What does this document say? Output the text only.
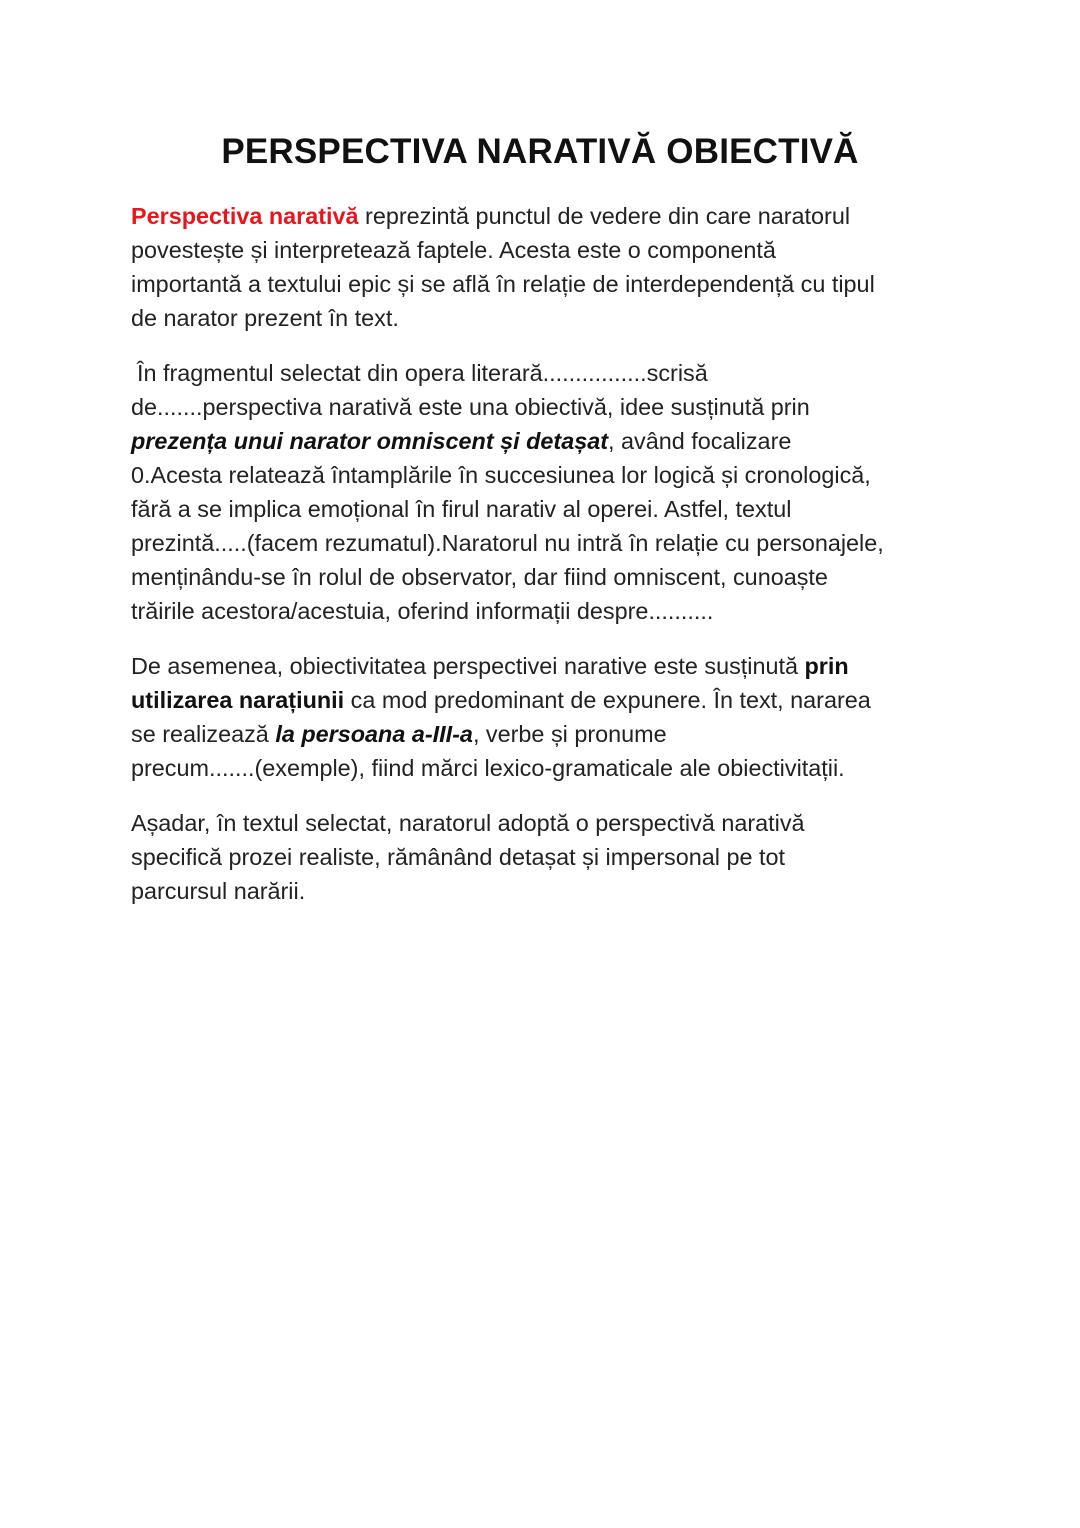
PERSPECTIVA NARATIVĂ OBIECTIVĂ

Perspectiva narativă reprezintă punctul de vedere din care naratorul
povestește și interpretează faptele. Acesta este o componentă
importantă a textului epic și se află în relație de interdependență cu tipul
de narator prezent în text.

În fragmentul selectat din opera literară................scrisă
de.......perspectiva narativă este una obiectivă, idee susținută prin
prezența unui narator omniscent și detașat, având focalizare
0.Acesta relatează întamplările în succesiunea lor logică și cronologică,
fără a se implica emoțional în firul narativ al operei. Astfel, textul
prezintă.....(facem rezumatul).Naratorul nu intră în relație cu personajele,
menținându-se în rolul de observator, dar fiind omniscent, cunoaște
trăirile acestora/acestuia, oferind informații despre..........

De asemenea, obiectivitatea perspectivei narative este susținută prin
utilizarea narațiunii ca mod predominant de expunere. În text, nararea
se realizează la persoana a-III-a, verbe și pronume
precum.......(exemple), fiind mărci lexico-gramaticale ale obiectivitații.

Așadar, în textul selectat, naratorul adoptă o perspectivă narativă
specifică prozei realiste, rămânând detașat și impersonal pe tot
parcursul narării.
